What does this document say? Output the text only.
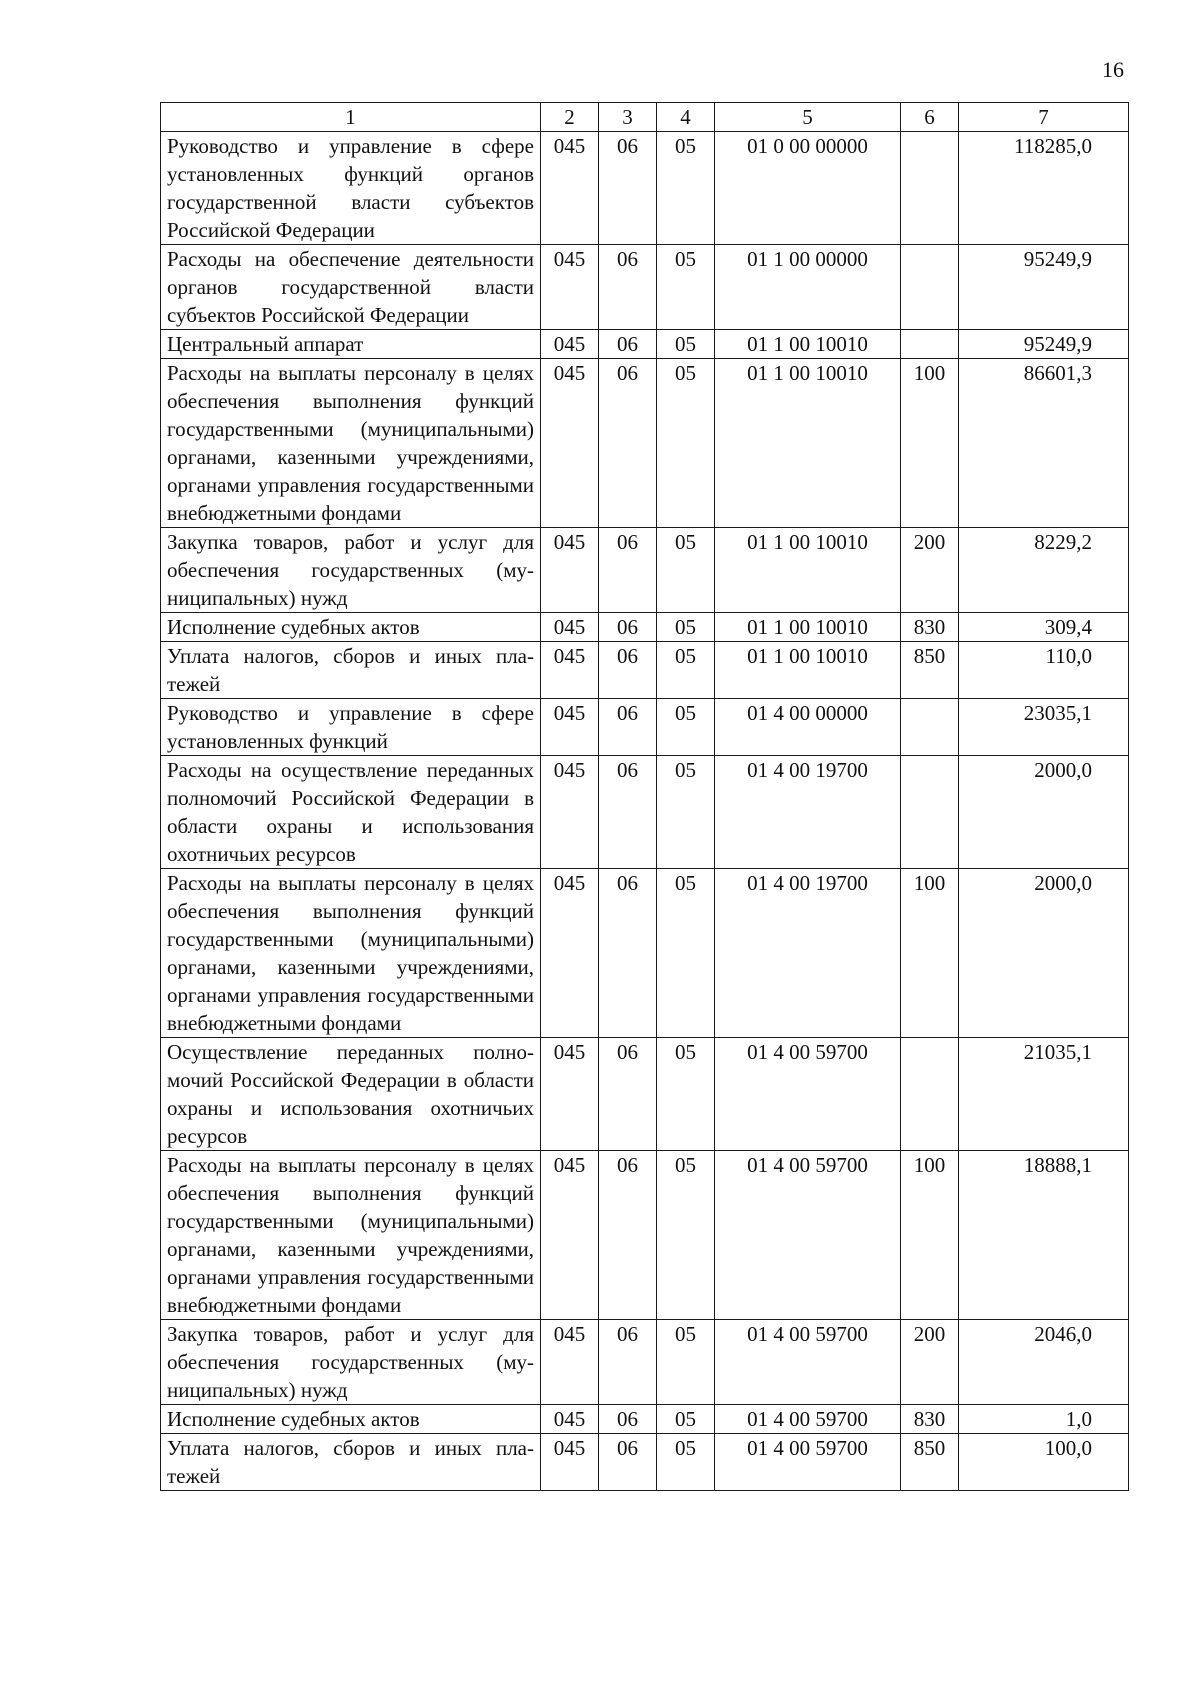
16
1	2	3	4	5	6	7
Руководство и управление в сфере установленных функций органов государственной власти субъектов Российской Федерации	045	06	05	01 0 00 00000		118285,0
Расходы на обеспечение деятельности органов государственной власти субъектов Российской Федерации	045	06	05	01 1 00 00000		95249,9
Центральный аппарат	045	06	05	01 1 00 10010		95249,9
Расходы на выплаты персоналу в целях обеспечения выполнения функций государственными (муниципальными) органами, казенными учреждениями, органами управления государственными внебюджетными фондами	045	06	05	01 1 00 10010	100	86601,3
Закупка товаров, работ и услуг для обеспечения государственных (муниципальных) нужд	045	06	05	01 1 00 10010	200	8229,2
Исполнение судебных актов	045	06	05	01 1 00 10010	830	309,4
Уплата налогов, сборов и иных платежей	045	06	05	01 1 00 10010	850	110,0
Руководство и управление в сфере установленных функций	045	06	05	01 4 00 00000		23035,1
Расходы на осуществление переданных полномочий Российской Федерации в области охраны и использования охотничьих ресурсов	045	06	05	01 4 00 19700		2000,0
Расходы на выплаты персоналу в целях обеспечения выполнения функций государственными (муниципальными) органами, казенными учреждениями, органами управления государственными внебюджетными фондами	045	06	05	01 4 00 19700	100	2000,0
Осуществление переданных полномочий Российской Федерации в области охраны и использования охотничьих ресурсов	045	06	05	01 4 00 59700		21035,1
Расходы на выплаты персоналу в целях обеспечения выполнения функций государственными (муниципальными) органами, казенными учреждениями, органами управления государственными внебюджетными фондами	045	06	05	01 4 00 59700	100	18888,1
Закупка товаров, работ и услуг для обеспечения государственных (муниципальных) нужд	045	06	05	01 4 00 59700	200	2046,0
Исполнение судебных актов	045	06	05	01 4 00 59700	830	1,0
Уплата налогов, сборов и иных платежей	045	06	05	01 4 00 59700	850	100,0
